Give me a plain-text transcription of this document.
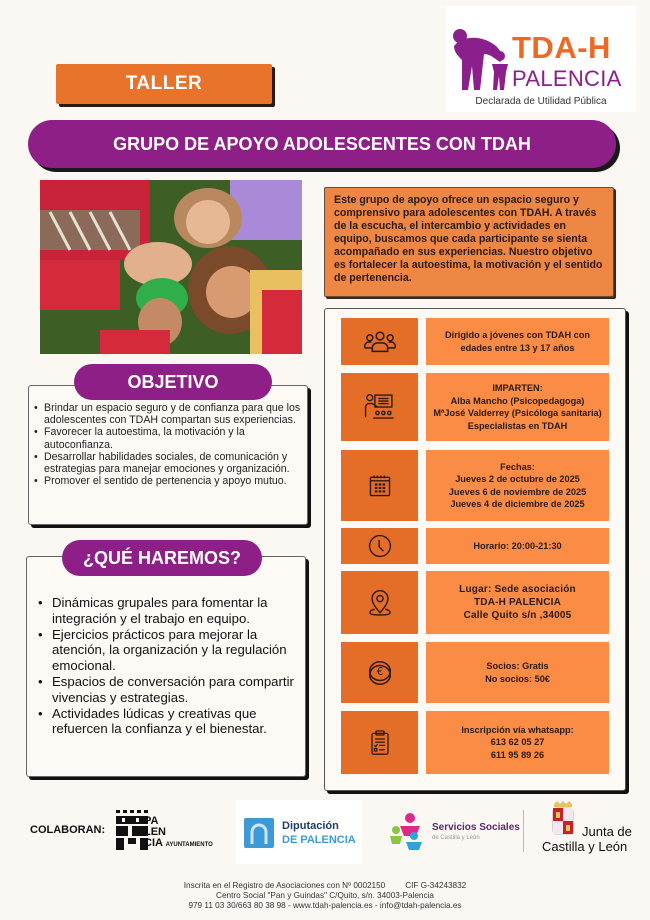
TALLER
TDA-H
PALENCIA
Declarada de Utilidad Pública
GRUPO DE APOYO ADOLESCENTES CON TDAH

Este grupo de apoyo ofrece un espacio seguro y comprensivo para adolescentes con TDAH. A través de la escucha, el intercambio y actividades en equipo, buscamos que cada participante se sienta acompañado en sus experiencias. Nuestro objetivo es fortalecer la autoestima, la motivación y el sentido de pertenencia.

Dirigido a jóvenes con TDAH con
edades entre 13 y 17 años
IMPARTEN:
Alba Mancho (Psicopedagoga)
MªJosé Valderrey (Psicóloga sanitaria)
Especialistas en TDAH
Fechas:
Jueves 2 de octubre de 2025
Jueves 6 de noviembre de 2025
Jueves 4 de diciembre de 2025
Horario: 20:00-21:30
Lugar: Sede asociación
TDA-H PALENCIA
Calle Quito s/n ,34005
€	Socios: Gratis
No socios: 50€
Inscripción vía whatsapp:
613 62 05 27
611 95 89 26
OBJETIVO
• Brindar un espacio seguro y de confianza para que los adolescentes con TDAH compartan sus experiencias.
• Favorecer la autoestima, la motivación y la autoconfianza.
• Desarrollar habilidades sociales, de comunicación y estrategias para manejar emociones y organización.
• Promover el sentido de pertenencia y apoyo mutuo.
¿QUÉ HAREMOS?
• Dinámicas grupales para fomentar la integración y el trabajo en equipo.
• Ejercicios prácticos para mejorar la atención, la organización y la regulación emocional.
• Espacios de conversación para compartir vivencias y estrategias.
• Actividades lúdicas y creativas que refuercen la confianza y el bienestar.
COLABORAN:
PA
LEN
CIA AYUNTAMIENTO
Diputación
DE PALENCIA
Servicios Sociales
de Castilla y León	Junta de
Castilla y León
Inscrita en el Registro de Asociaciones con Nº 0002150 CIF G-34243832
Centro Social "Pan y Guindas" C/Quito, s/n. 34003-Palencia
979 11 03 30/663 80 38 98 - www.tdah-palencia.es - info@tdah-palencia.es
